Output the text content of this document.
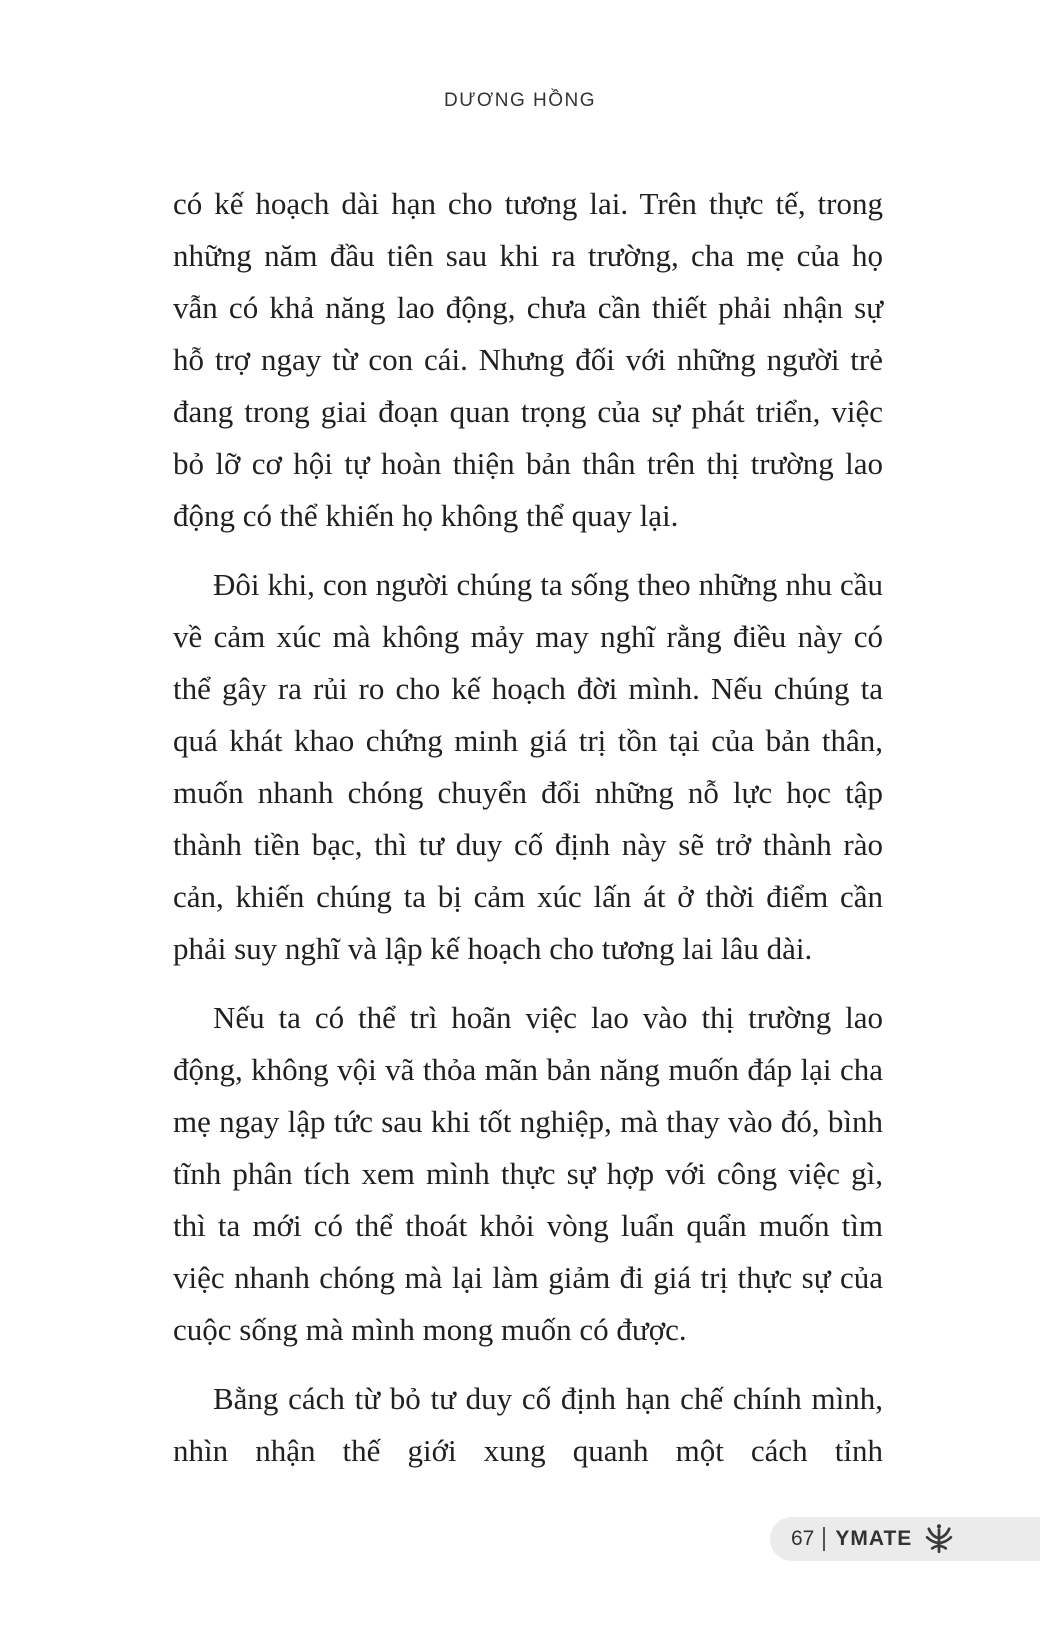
DƯƠNG HỒNG

có kế hoạch dài hạn cho tương lai. Trên thực tế, trong những năm đầu tiên sau khi ra trường, cha mẹ của họ vẫn có khả năng lao động, chưa cần thiết phải nhận sự hỗ trợ ngay từ con cái. Nhưng đối với những người trẻ đang trong giai đoạn quan trọng của sự phát triển, việc bỏ lỡ cơ hội tự hoàn thiện bản thân trên thị trường lao động có thể khiến họ không thể quay lại.

Đôi khi, con người chúng ta sống theo những nhu cầu về cảm xúc mà không mảy may nghĩ rằng điều này có thể gây ra rủi ro cho kế hoạch đời mình. Nếu chúng ta quá khát khao chứng minh giá trị tồn tại của bản thân, muốn nhanh chóng chuyển đổi những nỗ lực học tập thành tiền bạc, thì tư duy cố định này sẽ trở thành rào cản, khiến chúng ta bị cảm xúc lấn át ở thời điểm cần phải suy nghĩ và lập kế hoạch cho tương lai lâu dài.

Nếu ta có thể trì hoãn việc lao vào thị trường lao động, không vội vã thỏa mãn bản năng muốn đáp lại cha mẹ ngay lập tức sau khi tốt nghiệp, mà thay vào đó, bình tĩnh phân tích xem mình thực sự hợp với công việc gì, thì ta mới có thể thoát khỏi vòng luẩn quẩn muốn tìm việc nhanh chóng mà lại làm giảm đi giá trị thực sự của cuộc sống mà mình mong muốn có được.

Bằng cách từ bỏ tư duy cố định hạn chế chính mình, nhìn nhận thế giới xung quanh một cách tỉnh

67 YMATE
